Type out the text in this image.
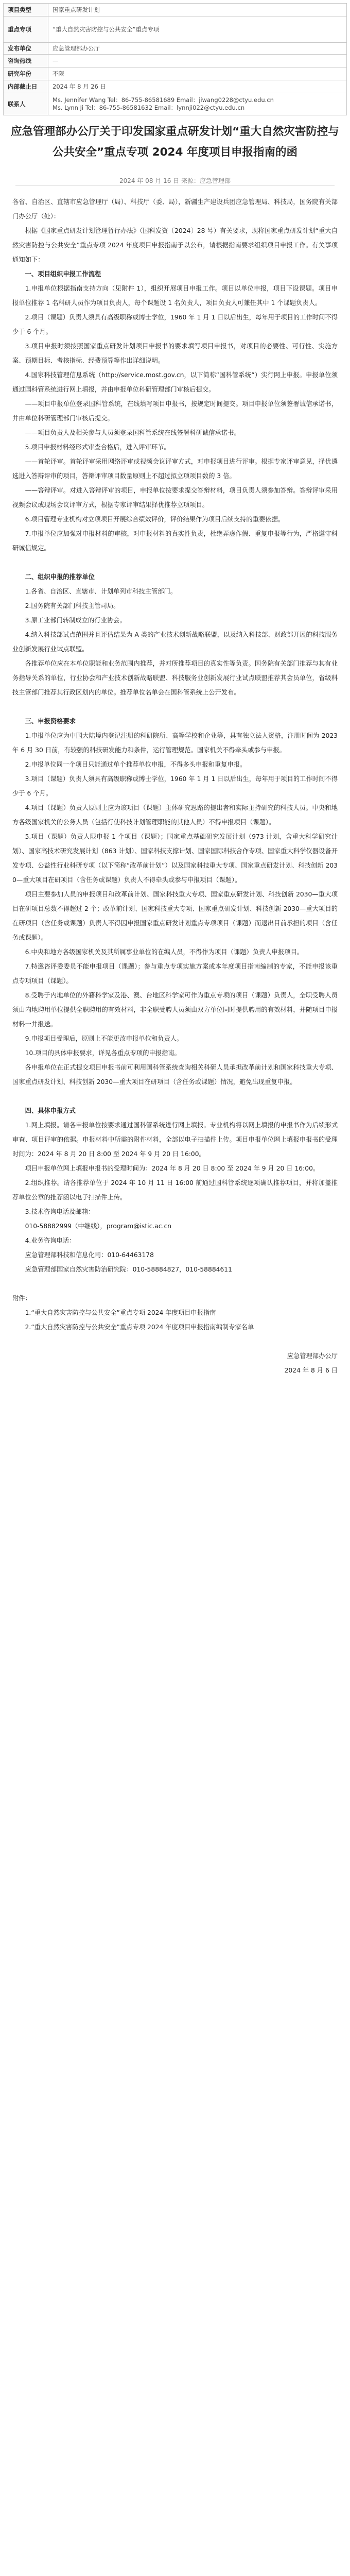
项目类型	国家重点研发计划
重点专项	“重大自然灾害防控与公共安全”重点专项
发布单位	应急管理部办公厅
咨询热线	—
研究年份	不限
内部截止日	2024 年 8 月 26 日
联系人	Ms. Jennifer Wang Tel：86-755-86581689 Email：jiwang0228@ctyu.edu.cn
Ms. Lynn Ji Tel：86-755-86581632 Email：lynnji022@ctyu.edu.cn
应急管理部办公厅关于印发国家重点研发计划“重大自然灾害防控与公共安全”重点专项 2024 年度项目申报指南的函
2024 年 08 月 16 日 来源：应急管理部

各省、自治区、直辖市应急管理厅（局）、科技厅（委、局），新疆生产建设兵团应急管理局、科技局，国务院有关部门办公厅（处）：

根据《国家重点研发计划管理暂行办法》（国科发资〔2024〕28 号）有关要求，现将国家重点研发计划“重大自然灾害防控与公共安全”重点专项 2024 年度项目申报指南予以公布，请根据指南要求组织项目申报工作。有关事项通知如下：

一、项目组织申报工作流程

1.申报单位根据指南支持方向（见附件 1），组织开展项目申报工作。项目以单位申报，项目下设课题。项目申报单位推荐 1 名科研人员作为项目负责人，每个课题设 1 名负责人，项目负责人可兼任其中 1 个课题负责人。

2.项目（课题）负责人须具有高级职称或博士学位，1960 年 1 月 1 日以后出生，每年用于项目的工作时间不得少于 6 个月。

3.项目申报时须按照国家重点研发计划项目申报书的要求填写项目申报书，对项目的必要性、可行性、实施方案、预期目标、考核指标、经费预算等作出详细说明。

4.国家科技管理信息系统（http://service.most.gov.cn，以下简称“国科管系统”）实行网上申报。申报单位须通过国科管系统进行网上填报，并由申报单位科研管理部门审核后提交。

——项目申报单位登录国科管系统，在线填写项目申报书，按规定时间提交。项目申报单位须签署诚信承诺书，并由单位科研管理部门审核后提交。

——项目负责人及相关参与人员须登录国科管系统在线签署科研诚信承诺书。

5.项目申报材料经形式审查合格后，进入评审环节。

——首轮评审。首轮评审采用网络评审或视频会议评审方式，对申报项目进行评审。根据专家评审意见，择优遴选进入答辩评审的项目，答辩评审项目数量原则上不超过拟立项项目数的 3 倍。

——答辩评审。对进入答辩评审的项目，申报单位按要求提交答辩材料，项目负责人须参加答辩。答辩评审采用视频会议或现场会议评审方式，根据专家评审结果择优推荐立项项目。

6.项目管理专业机构对立项项目开展综合绩效评价，评价结果作为项目后续支持的重要依据。

7.申报单位应加强对申报材料的审核，对申报材料的真实性负责，杜绝弄虚作假、重复申报等行为，严格遵守科研诚信规定。

二、组织申报的推荐单位

1.各省、自治区、直辖市、计划单列市科技主管部门。

2.国务院有关部门科技主管司局。

3.原工业部门转制成立的行业协会。

4.纳入科技部试点范围并且评估结果为 A 类的产业技术创新战略联盟，以及纳入科技部、财政部开展的科技服务业创新发展行业试点联盟。

各推荐单位应在本单位职能和业务范围内推荐，并对所推荐项目的真实性等负责。国务院有关部门推荐与其有业务指导关系的单位，行业协会和产业技术创新战略联盟、科技服务业创新发展行业试点联盟推荐其会员单位，省级科技主管部门推荐其行政区划内的单位。推荐单位名单会在国科管系统上公开发布。

三、申报资格要求

1.申报单位应为中国大陆境内登记注册的科研院所、高等学校和企业等，具有独立法人资格，注册时间为 2023 年 6 月 30 日前，有较强的科技研发能力和条件，运行管理规范。国家机关不得牵头或参与申报。

2.申报单位同一个项目只能通过单个推荐单位申报，不得多头申报和重复申报。

3.项目（课题）负责人须具有高级职称或博士学位，1960 年 1 月 1 日以后出生，每年用于项目的工作时间不得少于 6 个月。

4.项目（课题）负责人原则上应为该项目（课题）主体研究思路的提出者和实际主持研究的科技人员。中央和地方各级国家机关的公务人员（包括行使科技计划管理职能的其他人员）不得申报项目（课题）。

5.项目（课题）负责人限申报 1 个项目（课题）；国家重点基础研究发展计划（973 计划，含重大科学研究计划）、国家高技术研究发展计划（863 计划）、国家科技支撑计划、国家国际科技合作专项、国家重大科学仪器设备开发专项、公益性行业科研专项（以下简称“改革前计划”）以及国家科技重大专项、国家重点研发计划、科技创新 2030—重大项目在研项目（含任务或课题）负责人不得牵头或参与申报项目（课题）。

项目主要参加人员的申报项目和改革前计划、国家科技重大专项、国家重点研发计划、科技创新 2030—重大项目在研项目总数不得超过 2 个；改革前计划、国家科技重大专项、国家重点研发计划、科技创新 2030—重大项目的在研项目（含任务或课题）负责人不得因申报国家重点研发计划重点专项项目（课题）而退出目前承担的项目（含任务或课题）。

6.中央和地方各级国家机关及其所属事业单位的在编人员，不得作为项目（课题）负责人申报项目。

7.特邀咨评委委员不能申报项目（课题）；参与重点专项实施方案或本年度项目指南编制的专家，不能申报该重点专项项目（课题）。

8.受聘于内地单位的外籍科学家及港、澳、台地区科学家可作为重点专项的项目（课题）负责人，全职受聘人员须由内地聘用单位提供全职聘用的有效材料，非全职受聘人员须由双方单位同时提供聘用的有效材料，并随项目申报材料一并报送。

9.申报项目受理后，原则上不能更改申报单位和负责人。

10.项目的具体申报要求，详见各重点专项的申报指南。

各申报单位在正式提交项目申报书前可利用国科管系统查询相关科研人员承担改革前计划和国家科技重大专项、国家重点研发计划、科技创新 2030—重大项目在研项目（含任务或课题）情况，避免出现重复申报。

四、具体申报方式

1.网上填报。请各申报单位按要求通过国科管系统进行网上填报。专业机构将以网上填报的申报书作为后续形式审查、项目评审的依据。申报材料中所需的附件材料，全部以电子扫描件上传。项目申报单位网上填报申报书的受理时间为：2024 年 8 月 20 日 8:00 至 2024 年 9 月 20 日 16:00。

项目申报单位网上填报申报书的受理时间为：2024 年 8 月 20 日 8:00 至 2024 年 9 月 20 日 16:00。

2.组织推荐。请各推荐单位于 2024 年 10 月 11 日 16:00 前通过国科管系统逐项确认推荐项目，并将加盖推荐单位公章的推荐函以电子扫描件上传。

3.技术咨询电话及邮箱：

010-58882999（中继线），program@istic.ac.cn

4.业务咨询电话：

应急管理部科技和信息化司：010-64463178

应急管理部国家自然灾害防治研究院：010-58884827，010-58884611

附件：

1.“重大自然灾害防控与公共安全”重点专项 2024 年度项目申报指南

2.“重大自然灾害防控与公共安全”重点专项 2024 年度项目申报指南编制专家名单

应急管理部办公厅

2024 年 8 月 6 日
